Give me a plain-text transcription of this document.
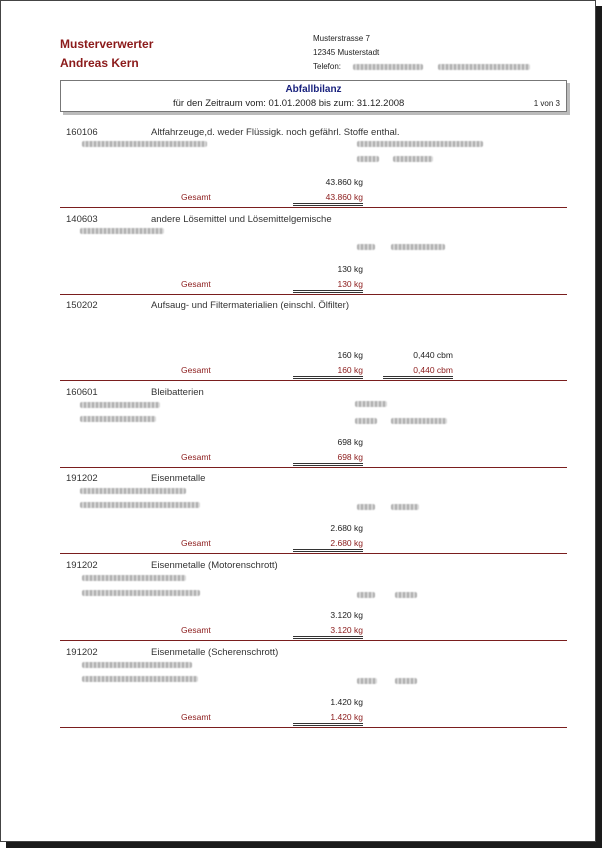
Musterverwerter
Andreas Kern
Musterstrasse 7
12345 Musterstadt
Telefon:
Abfallbilanz
für den Zeitraum vom: 01.01.2008 bis zum: 31.12.2008	1 von 3
160106	Altfahrzeuge,d. weder Flüssigk. noch gefährl. Stoffe enthal.
43.860 kg
Gesamt	43.860 kg
140603	andere Lösemittel und Lösemittelgemische
130 kg
Gesamt	130 kg
150202	Aufsaug- und Filtermaterialien (einschl. Ölfilter)
160 kg	0,440 cbm
Gesamt	160 kg	0,440 cbm
160601	Bleibatterien
698 kg
Gesamt	698 kg
191202	Eisenmetalle
2.680 kg
Gesamt	2.680 kg
191202	Eisenmetalle (Motorenschrott)
3.120 kg
Gesamt	3.120 kg
191202	Eisenmetalle (Scherenschrott)
1.420 kg
Gesamt	1.420 kg
